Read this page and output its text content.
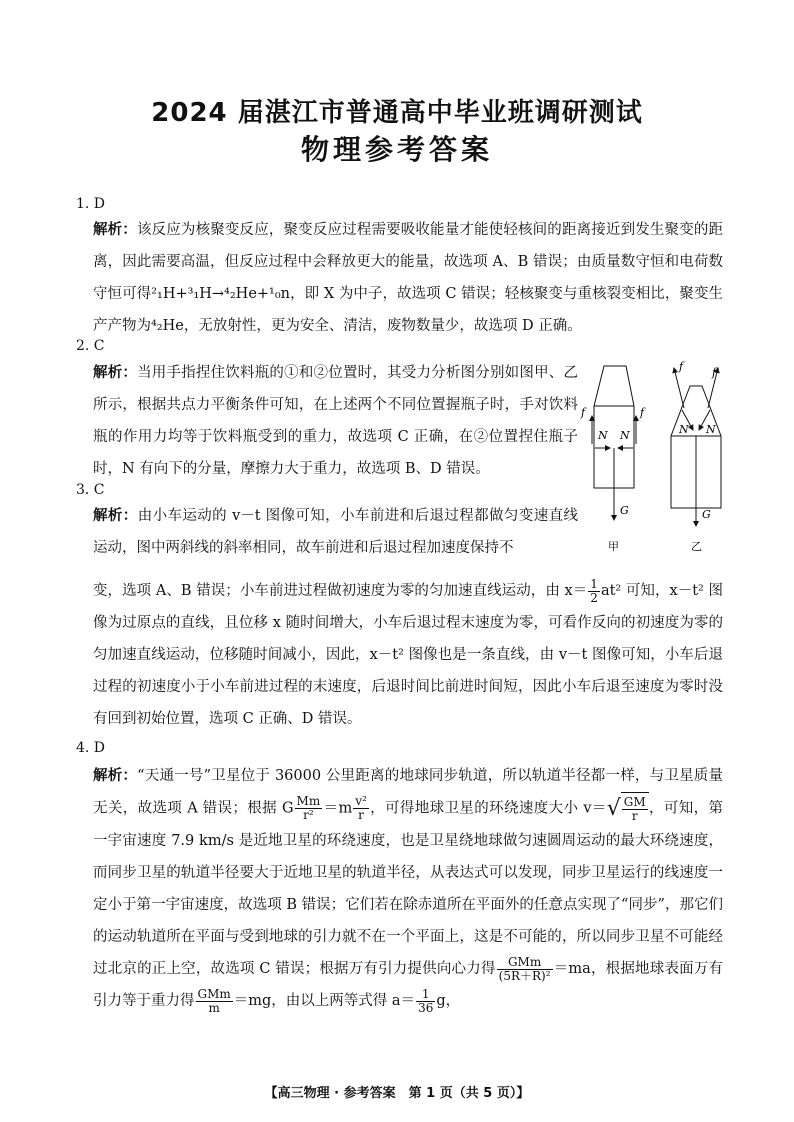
2024 届湛江市普通高中毕业班调研测试
物理参考答案
1. D
解析：该反应为核聚变反应，聚变反应过程需要吸收能量才能使轻核间的距离接近到发生聚变的距离，因此需要高温，但反应过程中会释放更大的能量，故选项 A、B 错误；由质量数守恒和电荷数守恒可得²₁H+³₁H→⁴₂He+¹₀n，即 X 为中子，故选项 C 错误；轻核聚变与重核裂变相比，聚变生产产物为⁴₂He，无放射性，更为安全、清洁，废物数量少，故选项 D 正确。
2. C
解析：当用手指捏住饮料瓶的①和②位置时，其受力分析图分别如图甲、乙所示，根据共点力平衡条件可知，在上述两个不同位置握瓶子时，手对饮料瓶的作用力均等于饮料瓶受到的重力，故选项 C 正确，在②位置捏住瓶子时，N 有向下的分量，摩擦力大于重力，故选项 B、D 错误。
3. C
解析：由小车运动的 v－t 图像可知，小车前进和后退过程都做匀变速直线运动，图中两斜线的斜率相同，故车前进和后退过程加速度保持不
变，选项 A、B 错误；小车前进过程做初速度为零的匀加速直线运动，由 $x= \frac{1}{2} at^2$ 可知，x－t² 图像为过原点的直线，且位移 x 随时间增大，小车后退过程末速度为零，可看作反向的初速度为零的匀加速直线运动，位移随时间减小，因此，x－t² 图像也是一条直线，由 v－t 图像可知，小车后退过程的初速度小于小车前进过程的末速度，后退时间比前进时间短，因此小车后退至速度为零时没有回到初始位置，选项 C 正确、D 错误。
4. D
解析：“天通一号”卫星位于 36000 公里距离的地球同步轨道，所以轨道半径都一样，与卫星质量无关，故选项 A 错误；根据 G $\frac{Mm}{\text{r²}} =m \frac{\text{v²}}{r}$ ，可得地球卫星的环绕速度大小 $v=√ \frac{GM}{r}$ ，可知，第一宇宙速度 7.9 km/s 是近地卫星的环绕速度，也是卫星绕地球做匀速圆周运动的最大环绕速度，而同步卫星的轨道半径要大于近地卫星的轨道半径，从表达式可以发现，同步卫星运行的线速度一定小于第一宇宙速度，故选项 B 错误；它们若在除赤道所在平面外的任意点实现了“同步”，那它们的运动轨道所在平面与受到地球的引力就不在一个平面上，这是不可能的，所以同步卫星不可能经过北京的正上空，故选项 C 错误；根据万有引力提供向心力得 $\frac{\text{GMm}}{\text{(5R＋R)²}} =ma$，根据地球表面万有引力等于重力得 $\frac{\text{GMm}}{m} =mg$，由以上两等式得 $a= \frac{1}{36}$ g，
f	f
N N
G
甲
f	f
N N
G
乙
【高三物理 · 参考答案　第 1 页（共 5 页）】
